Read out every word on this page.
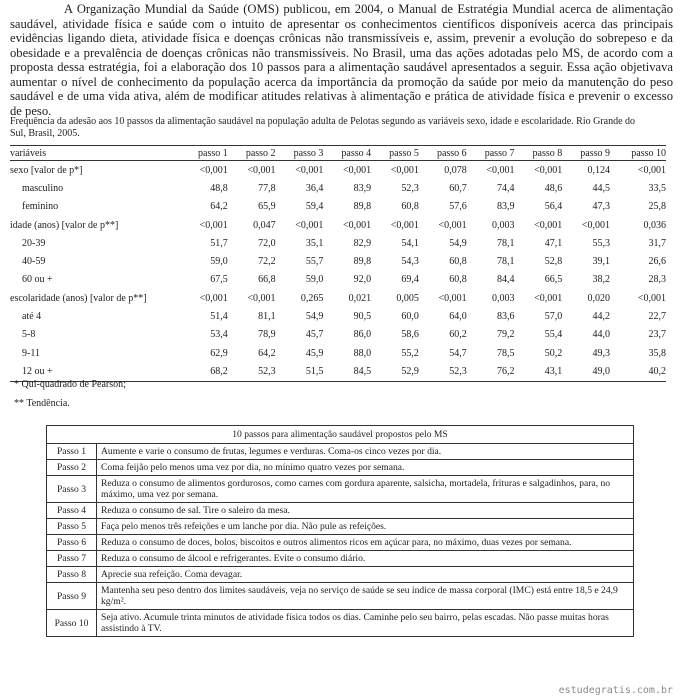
A Organização Mundial da Saúde (OMS) publicou, em 2004, o Manual de Estratégia Mundial acerca de alimentação saudável, atividade física e saúde com o intuito de apresentar os conhecimentos científicos disponíveis acerca das principais evidências ligando dieta, atividade física e doenças crônicas não transmissíveis e, assim, prevenir a evolução do sobrepeso e da obesidade e a prevalência de doenças crônicas não transmissíveis. No Brasil, uma das ações adotadas pelo MS, de acordo com a proposta dessa estratégia, foi a elaboração dos 10 passos para a alimentação saudável apresentados a seguir. Essa ação objetivava aumentar o nível de conhecimento da população acerca da importância da promoção da saúde por meio da manutenção do peso saudável e de uma vida ativa, além de modificar atitudes relativas à alimentação e prática de atividade física e prevenir o excesso de peso.

Frequência da adesão aos 10 passos da alimentação saudável na população adulta de Pelotas segundo as variáveis sexo, idade e escolaridade. Rio Grande do Sul, Brasil, 2005.

variáveis	passo 1	passo 2	passo 3	passo 4	passo 5	passo 6	passo 7	passo 8	passo 9	passo 10
sexo [valor de p*]	<0,001	<0,001	<0,001	<0,001	<0,001	0,078	<0,001	<0,001	0,124	<0,001
masculino	48,8	77,8	36,4	83,9	52,3	60,7	74,4	48,6	44,5	33,5
feminino	64,2	65,9	59,4	89,8	60,8	57,6	83,9	56,4	47,3	25,8
idade (anos) [valor de p**]	<0,001	0,047	<0,001	<0,001	<0,001	<0,001	0,003	<0,001	<0,001	0,036
20-39	51,7	72,0	35,1	82,9	54,1	54,9	78,1	47,1	55,3	31,7
40-59	59,0	72,2	55,7	89,8	54,3	60,8	78,1	52,8	39,1	26,6
60 ou +	67,5	66,8	59,0	92,0	69,4	60,8	84,4	66,5	38,2	28,3
escolaridade (anos) [valor de p**]	<0,001	<0,001	0,265	0,021	0,005	<0,001	0,003	<0,001	0,020	<0,001
até 4	51,4	81,1	54,9	90,5	60,0	64,0	83,6	57,0	44,2	22,7
5-8	53,4	78,9	45,7	86,0	58,6	60,2	79,2	55,4	44,0	23,7
9-11	62,9	64,2	45,9	88,0	55,2	54,7	78,5	50,2	49,3	35,8
12 ou +	68,2	52,3	51,5	84,5	52,9	52,3	76,2	43,1	49,0	40,2

* Qui-quadrado de Pearson;

** Tendência.

10 passos para alimentação saudável propostos pelo MS	
Passo 1	Aumente e varie o consumo de frutas, legumes e verduras. Coma-os cinco vezes por dia.
Passo 2	Coma feijão pelo menos uma vez por dia, no mínimo quatro vezes por semana.
Passo 3	Reduza o consumo de alimentos gordurosos, como carnes com gordura aparente, salsicha, mortadela, frituras e salgadinhos, para, no máximo, uma vez por semana.
Passo 4	Reduza o consumo de sal. Tire o saleiro da mesa.
Passo 5	Faça pelo menos três refeições e um lanche por dia. Não pule as refeições.
Passo 6	Reduza o consumo de doces, bolos, biscoitos e outros alimentos ricos em açúcar para, no máximo, duas vezes por semana.
Passo 7	Reduza o consumo de álcool e refrigerantes. Evite o consumo diário.
Passo 8	Aprecie sua refeição. Coma devagar.
Passo 9	Mantenha seu peso dentro dos limites saudáveis, veja no serviço de saúde se seu índice de massa corporal (IMC) está entre 18,5 e 24,9 kg/m².
Passo 10	Seja ativo. Acumule trinta minutos de atividade física todos os dias. Caminhe pelo seu bairro, pelas escadas. Não passe muitas horas assistindo à TV.
estudegratis.com.br
